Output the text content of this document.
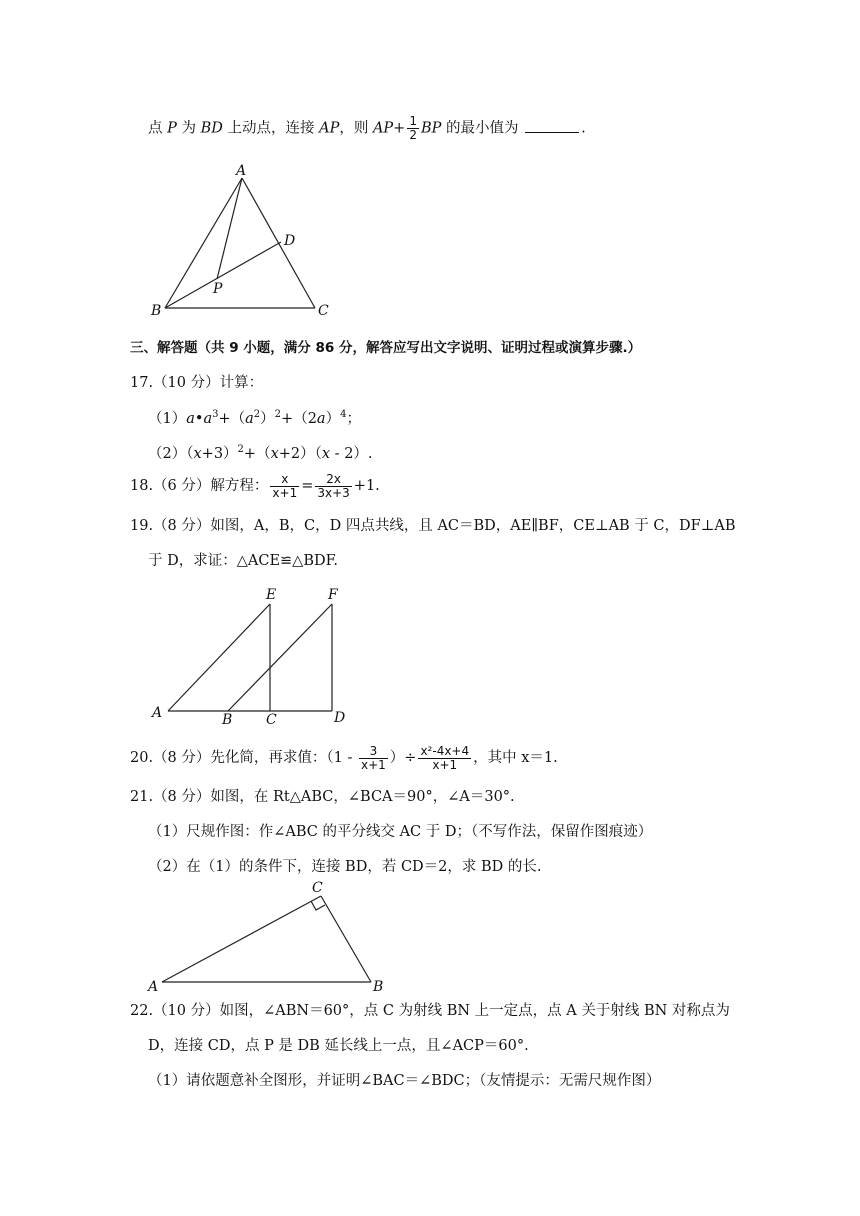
点 P 为 BD 上动点，连接 AP，则 $AP+ \frac{1}{2}$ BP 的最小值为	.
A
B	C
D
P
A	B C	D
E	F
C
A	B
三、解答题（共 9 小题，满分 86 分，解答应写出文字说明、证明过程或演算步骤.）
17.（10 分）计算：
$(1)a•a^3+(a^2)^2+(2a)^4$；
$(2)(x+3)^2+(x+2)(x - 2)$.
18.（6 分）解方程： $\frac{x}{x+1} = \frac{2x}{3x+3} +1$.
19.（8 分）如图，A，B，C，D 四点共线，且 AC＝BD，AE∥BF，CE⊥AB 于 C，DF⊥AB
于 D，求证：△ACE≌△BDF.
20.（8 分）先化简，再求值：（$1 - \frac{3}{x+1}$ ）÷ $\frac{\text{x²-4x+4}}{x+1}$ ，其中 x＝1.
21.（8 分）如图，在 Rt△ABC，∠BCA＝90°，∠A＝30°.
（1）尺规作图：作∠ABC 的平分线交 AC 于 D；（不写作法，保留作图痕迹）
（2）在（1）的条件下，连接 BD，若 CD＝2，求 BD 的长.
22.（10 分）如图，∠ABN＝60°，点 C 为射线 BN 上一定点，点 A 关于射线 BN 对称点为
D，连接 CD，点 P 是 DB 延长线上一点，且∠ACP＝60°.
（1）请依题意补全图形，并证明∠BAC＝∠BDC；（友情提示：无需尺规作图）
